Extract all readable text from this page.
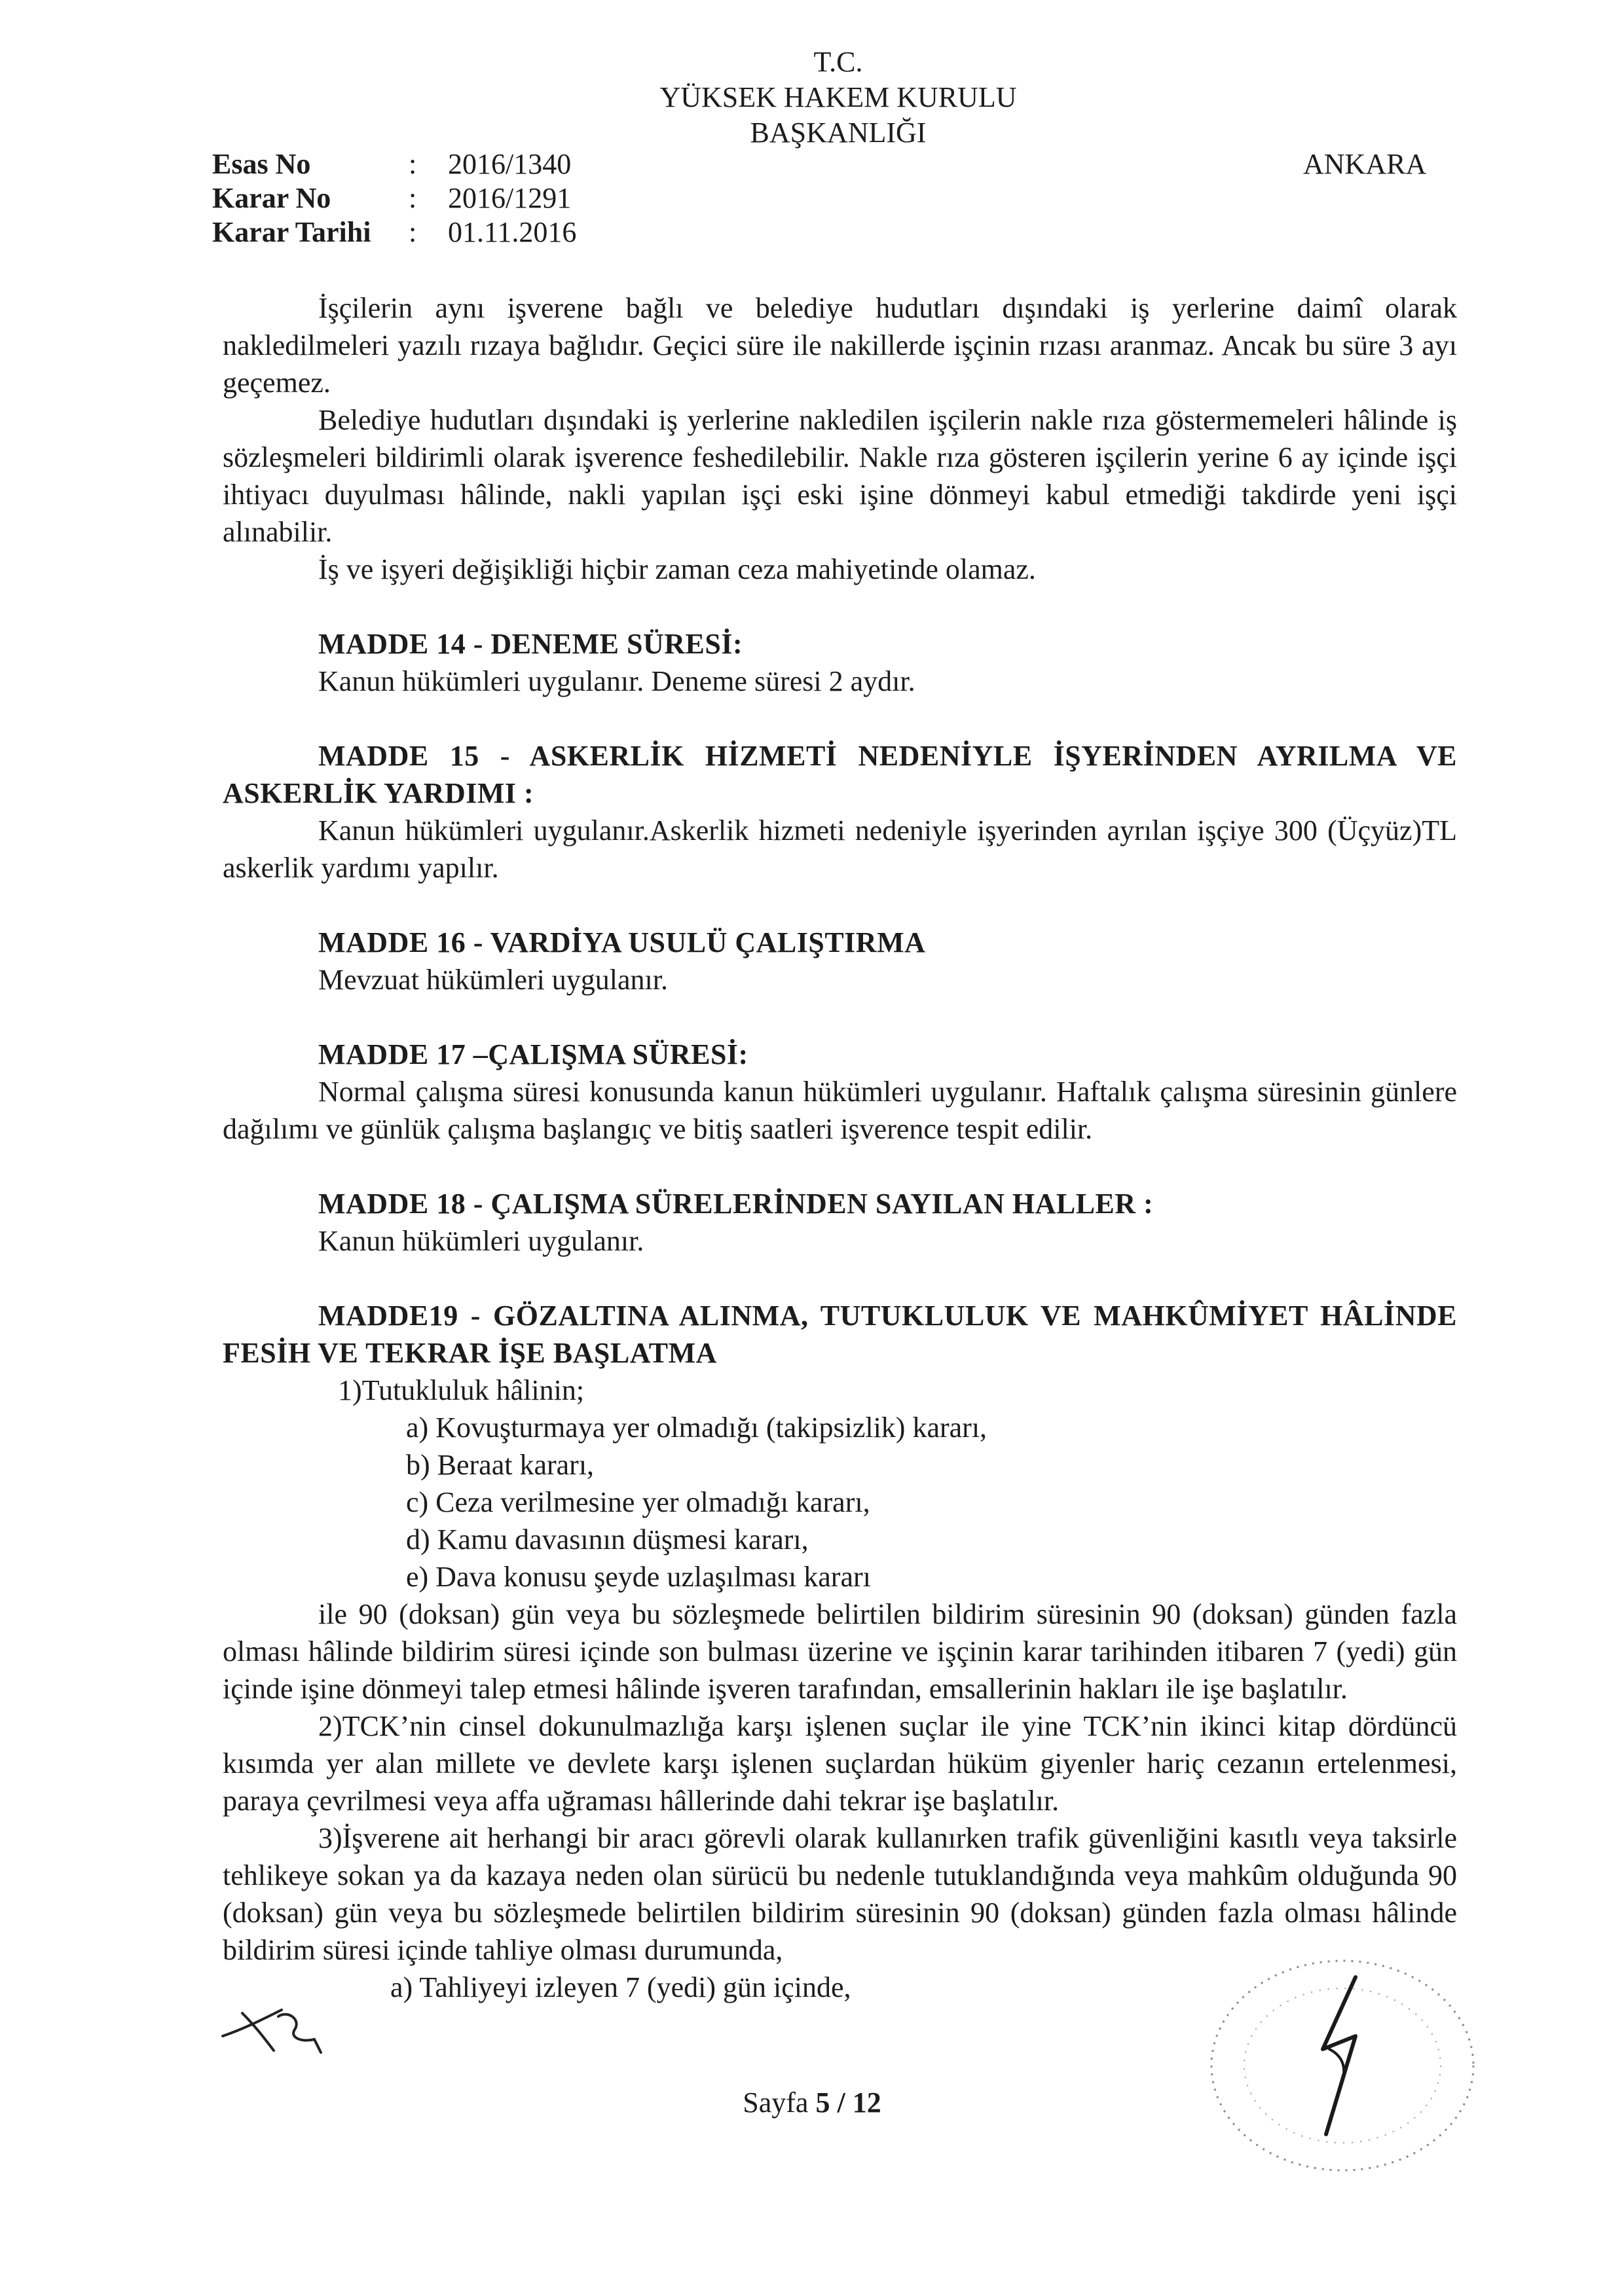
T.C.
YÜKSEK HAKEM KURULU
BAŞKANLIĞI
Esas No	:	2016/1340
Karar No	:	2016/1291
Karar Tarihi	:	01.11.2016
ANKARA

İşçilerin aynı işverene bağlı ve belediye hudutları dışındaki iş yerlerine daimî olarak nakledilmeleri yazılı rızaya bağlıdır. Geçici süre ile nakillerde işçinin rızası aranmaz. Ancak bu süre 3 ayı geçemez.

Belediye hudutları dışındaki iş yerlerine nakledilen işçilerin nakle rıza göstermemeleri hâlinde iş sözleşmeleri bildirimli olarak işverence feshedilebilir. Nakle rıza gösteren işçilerin yerine 6 ay içinde işçi ihtiyacı duyulması hâlinde, nakli yapılan işçi eski işine dönmeyi kabul etmediği takdirde yeni işçi alınabilir.

İş ve işyeri değişikliği hiçbir zaman ceza mahiyetinde olamaz.

MADDE 14 - DENEME SÜRESİ:

Kanun hükümleri uygulanır. Deneme süresi 2 aydır.

MADDE 15 - ASKERLİK HİZMETİ NEDENİYLE İŞYERİNDEN AYRILMA VE ASKERLİK YARDIMI :

Kanun hükümleri uygulanır.Askerlik hizmeti nedeniyle işyerinden ayrılan işçiye 300 (Üçyüz)TL askerlik yardımı yapılır.

MADDE 16 - VARDİYA USULÜ ÇALIŞTIRMA

Mevzuat hükümleri uygulanır.

MADDE 17 –ÇALIŞMA SÜRESİ:

Normal çalışma süresi konusunda kanun hükümleri uygulanır. Haftalık çalışma süresinin günlere dağılımı ve günlük çalışma başlangıç ve bitiş saatleri işverence tespit edilir.

MADDE 18 - ÇALIŞMA SÜRELERİNDEN SAYILAN HALLER :

Kanun hükümleri uygulanır.

MADDE19 - GÖZALTINA ALINMA, TUTUKLULUK VE MAHKÛMİYET HÂLİNDE FESİH VE TEKRAR İŞE BAŞLATMA

1)Tutukluluk hâlinin;

a) Kovuşturmaya yer olmadığı (takipsizlik) kararı,

b) Beraat kararı,

c) Ceza verilmesine yer olmadığı kararı,

d) Kamu davasının düşmesi kararı,

e) Dava konusu şeyde uzlaşılması kararı

ile 90 (doksan) gün veya bu sözleşmede belirtilen bildirim süresinin 90 (doksan) günden fazla olması hâlinde bildirim süresi içinde son bulması üzerine ve işçinin karar tarihinden itibaren 7 (yedi) gün içinde işine dönmeyi talep etmesi hâlinde işveren tarafından, emsallerinin hakları ile işe başlatılır.

2)TCK’nin cinsel dokunulmazlığa karşı işlenen suçlar ile yine TCK’nin ikinci kitap dördüncü kısımda yer alan millete ve devlete karşı işlenen suçlardan hüküm giyenler hariç cezanın ertelenmesi, paraya çevrilmesi veya affa uğraması hâllerinde dahi tekrar işe başlatılır.

3)İşverene ait herhangi bir aracı görevli olarak kullanırken trafik güvenliğini kasıtlı veya taksirle tehlikeye sokan ya da kazaya neden olan sürücü bu nedenle tutuklandığında veya mahkûm olduğunda 90 (doksan) gün veya bu sözleşmede belirtilen bildirim süresinin 90 (doksan) günden fazla olması hâlinde bildirim süresi içinde tahliye olması durumunda,

a) Tahliyeyi izleyen 7 (yedi) gün içinde,

Sayfa 5 / 12
